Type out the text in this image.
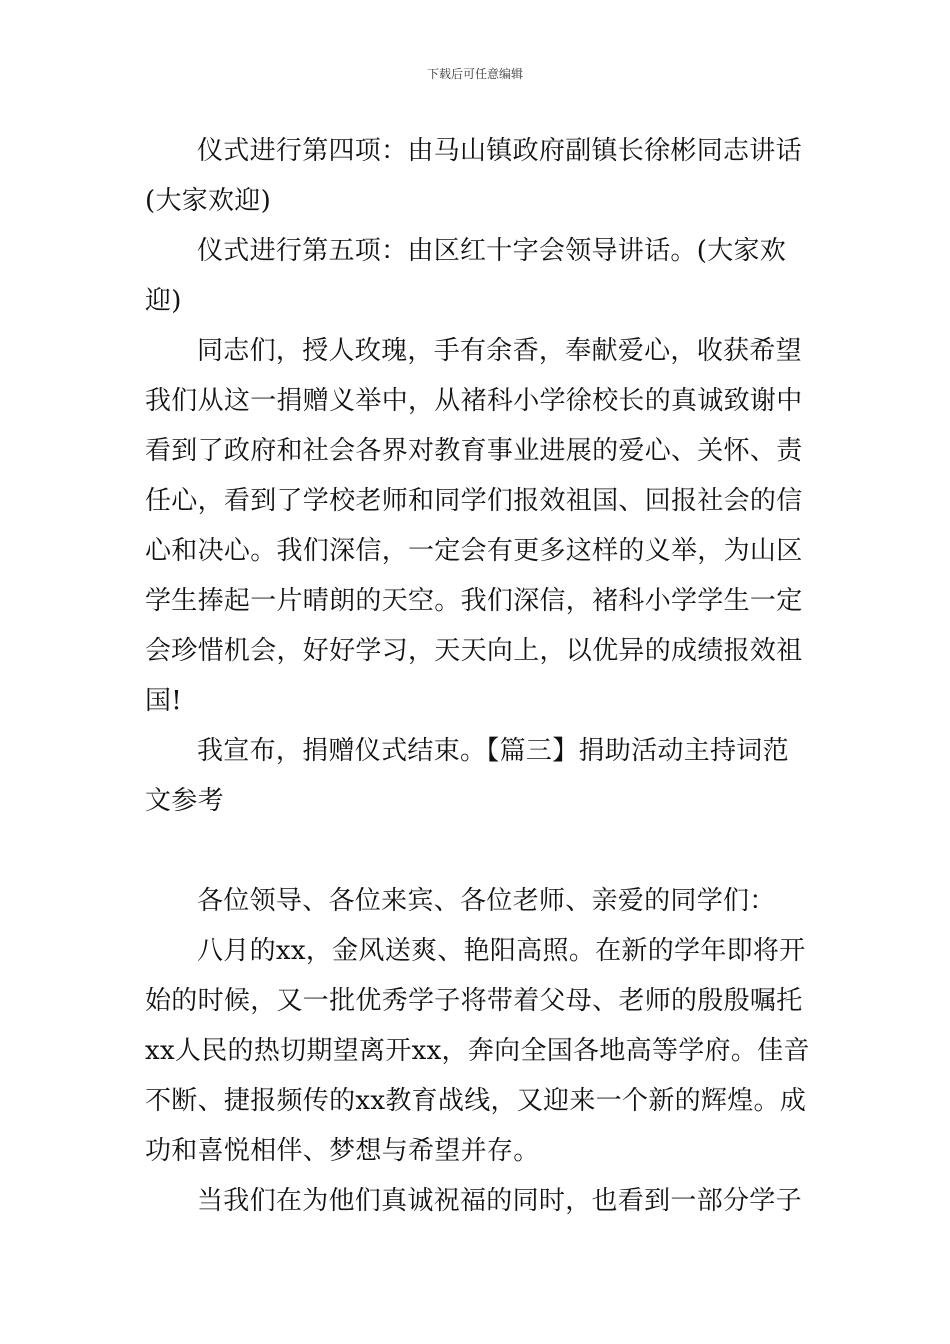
下载后可任意编辑
仪式进行第四项：由马山镇政府副镇长徐彬同志讲话
(大家欢迎)
仪式进行第五项：由区红十字会领导讲话。(大家欢
迎)
同志们，授人玫瑰，手有余香，奉献爱心，收获希望
我们从这一捐赠义举中，从褚科小学徐校长的真诚致谢中
看到了政府和社会各界对教育事业进展的爱心、关怀、责
任心，看到了学校老师和同学们报效祖国、回报社会的信
心和决心。我们深信，一定会有更多这样的义举，为山区
学生捧起一片晴朗的天空。我们深信，褚科小学学生一定
会珍惜机会，好好学习，天天向上，以优异的成绩报效祖
国!
我宣布，捐赠仪式结束。【篇三】捐助活动主持词范
文参考
各位领导、各位来宾、各位老师、亲爱的同学们：
八月的xx，金风送爽、艳阳高照。在新的学年即将开
始的时候，又一批优秀学子将带着父母、老师的殷殷嘱托
xx人民的热切期望离开xx，奔向全国各地高等学府。佳音
不断、捷报频传的xx教育战线，又迎来一个新的辉煌。成
功和喜悦相伴、梦想与希望并存。
当我们在为他们真诚祝福的同时，也看到一部分学子
